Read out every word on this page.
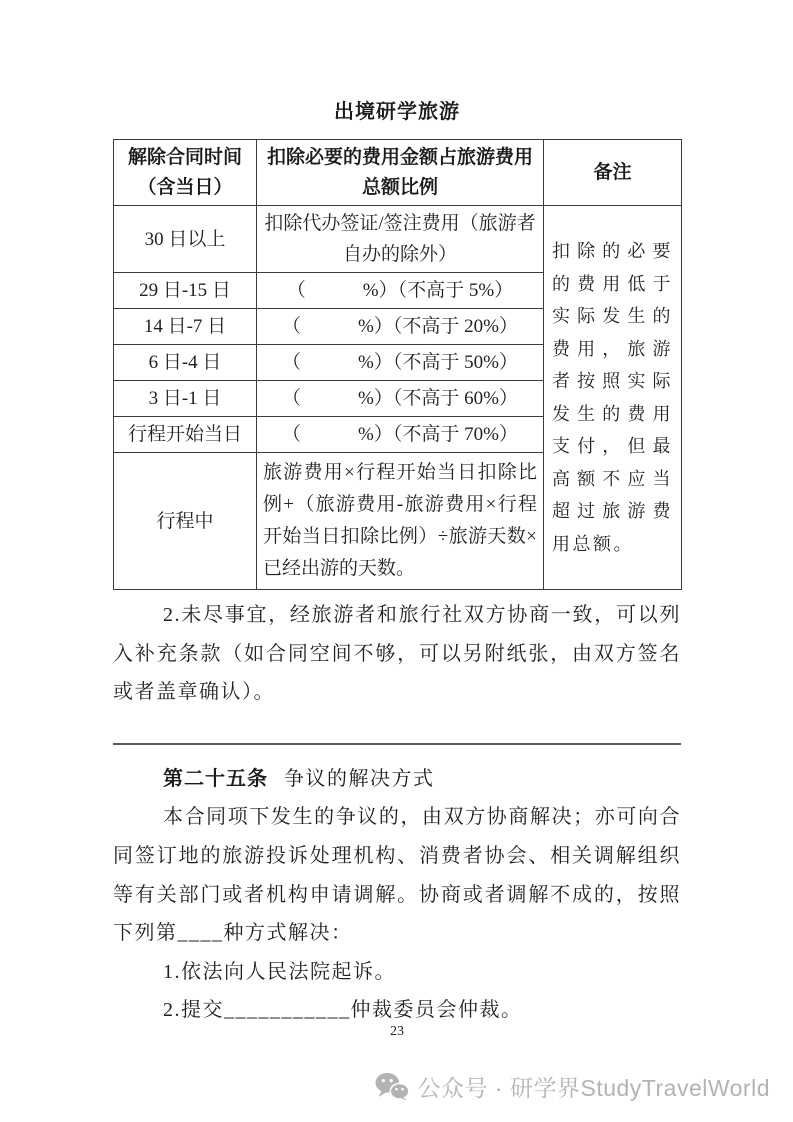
出境研学旅游
解除合同时间（含当日）	扣除必要的费用金额占旅游费用总额比例	备注
30 日以上	扣除代办签证/签注费用（旅游者自办的除外）	扣除的必要的费用低于实际发生的费用，旅游者按照实际发生的费用支付，但最高额不应当超过旅游费用总额。
29 日-15 日	（　　　%）（不高于 5%）	
14 日-7 日	（　　　%）（不高于 20%）	
6 日-4 日	（　　　%）（不高于 50%）	
3 日-1 日	（　　　%）（不高于 60%）	
行程开始当日	（　　　%）（不高于 70%）	
行程中	旅游费用×行程开始当日扣除比例+（旅游费用-旅游费用×行程开始当日扣除比例）÷旅游天数×已经出游的天数。	

2.未尽事宜，经旅游者和旅行社双方协商一致，可以列入补充条款（如合同空间不够，可以另附纸张，由双方签名或者盖章确认）。

第二十五条 争议的解决方式

本合同项下发生的争议的，由双方协商解决；亦可向合同签订地的旅游投诉处理机构、消费者协会、相关调解组织等有关部门或者机构申请调解。协商或者调解不成的，按照下列第____种方式解决：

1.依法向人民法院起诉。

2.提交___________仲裁委员会仲裁。

23
公众号 · 研学界StudyTravelWorld
